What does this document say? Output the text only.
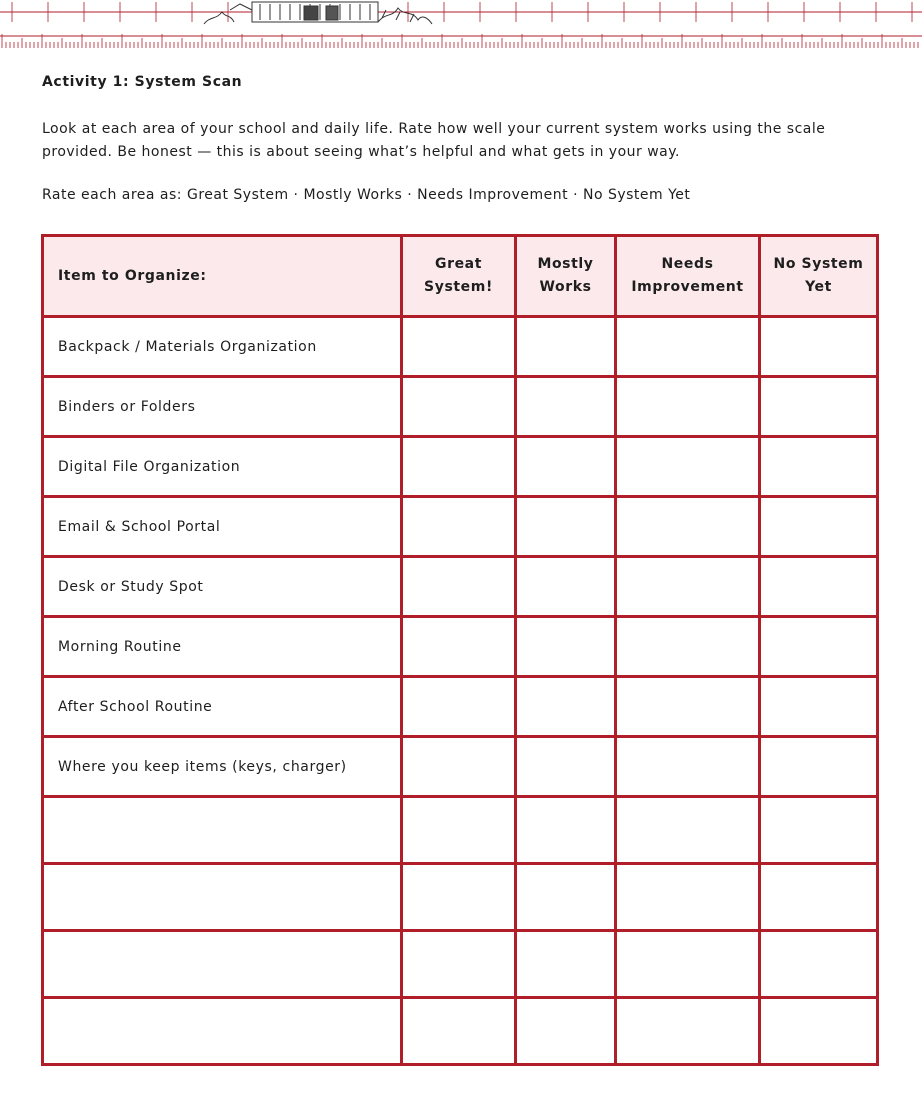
Activity 1: System Scan

Look at each area of your school and daily life. Rate how well your current system works using the scale provided. Be honest — this is about seeing what’s helpful and what gets in your way.

Rate each area as: Great System · Mostly Works · Needs Improvement · No System Yet

Item to Organize:	Great System!	Mostly Works	Needs Improvement	No System Yet

Backpack / Materials Organization				
Binders or Folders				
Digital File Organization				
Email & School Portal				
Desk or Study Spot				
Morning Routine				
After School Routine				
Where you keep items (keys, charger)				
